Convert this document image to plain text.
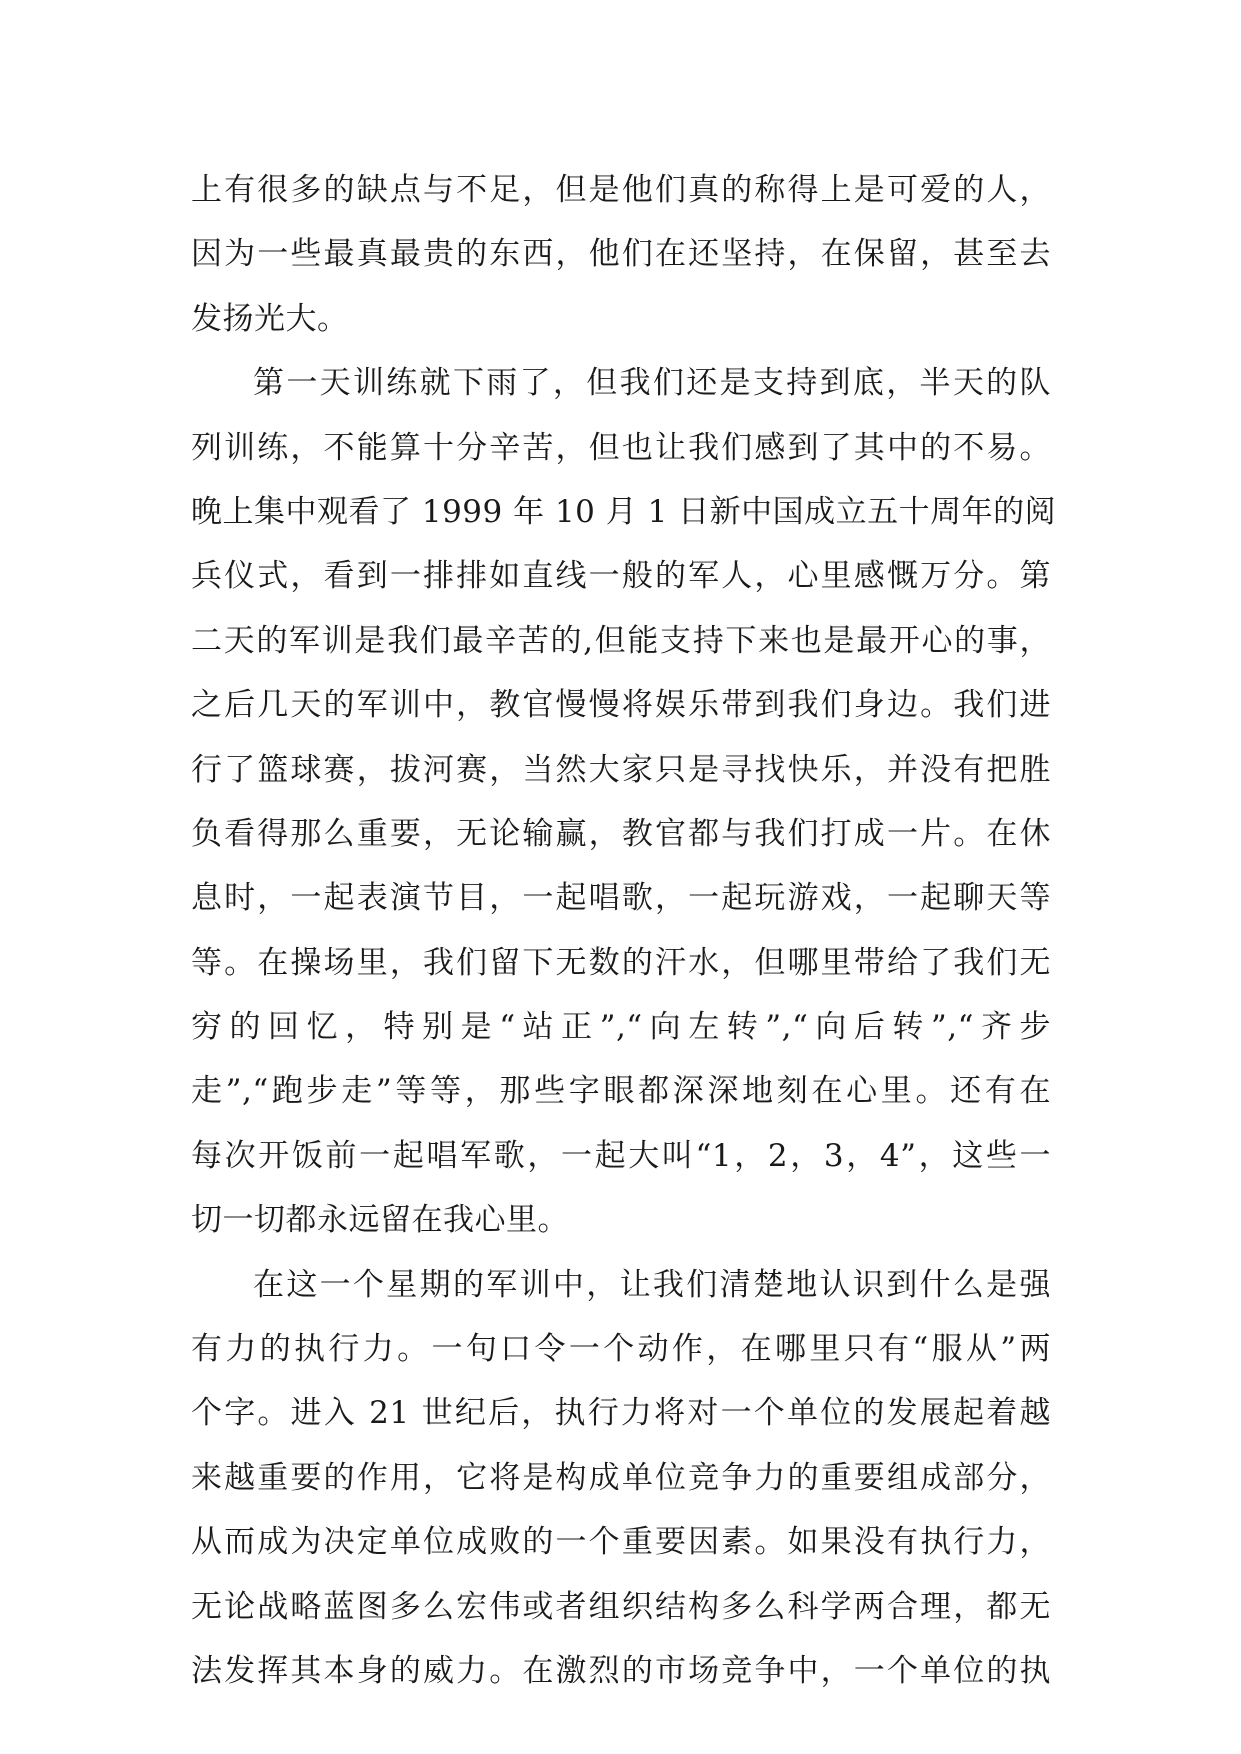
上有很多的缺点与不足，但是他们真的称得上是可爱的人，
因为一些最真最贵的东西，他们在还坚持，在保留，甚至去
发扬光大。
第一天训练就下雨了，但我们还是支持到底，半天的队
列训练，不能算十分辛苦，但也让我们感到了其中的不易。
晚上集中观看了 1999 年 10 月 1 日新中国成立五十周年的阅
兵仪式，看到一排排如直线一般的军人，心里感慨万分。第
二天的军训是我们最辛苦的,但能支持下来也是最开心的事，
之后几天的军训中，教官慢慢将娱乐带到我们身边。我们进
行了篮球赛，拔河赛，当然大家只是寻找快乐，并没有把胜
负看得那么重要，无论输赢，教官都与我们打成一片。在休
息时，一起表演节目，一起唱歌，一起玩游戏，一起聊天等
等。在操场里，我们留下无数的汗水，但哪里带给了我们无
穷的回忆，特别是“站正”,“向左转”,“向后转”,“齐步
走”,“跑步走”等等，那些字眼都深深地刻在心里。还有在
每次开饭前一起唱军歌，一起大叫“1，2，3，4”，这些一
切一切都永远留在我心里。
在这一个星期的军训中，让我们清楚地认识到什么是强
有力的执行力。一句口令一个动作，在哪里只有“服从”两
个字。进入 21 世纪后，执行力将对一个单位的发展起着越
来越重要的作用，它将是构成单位竞争力的重要组成部分，
从而成为决定单位成败的一个重要因素。如果没有执行力，
无论战略蓝图多么宏伟或者组织结构多么科学两合理，都无
法发挥其本身的威力。在激烈的市场竞争中，一个单位的执
